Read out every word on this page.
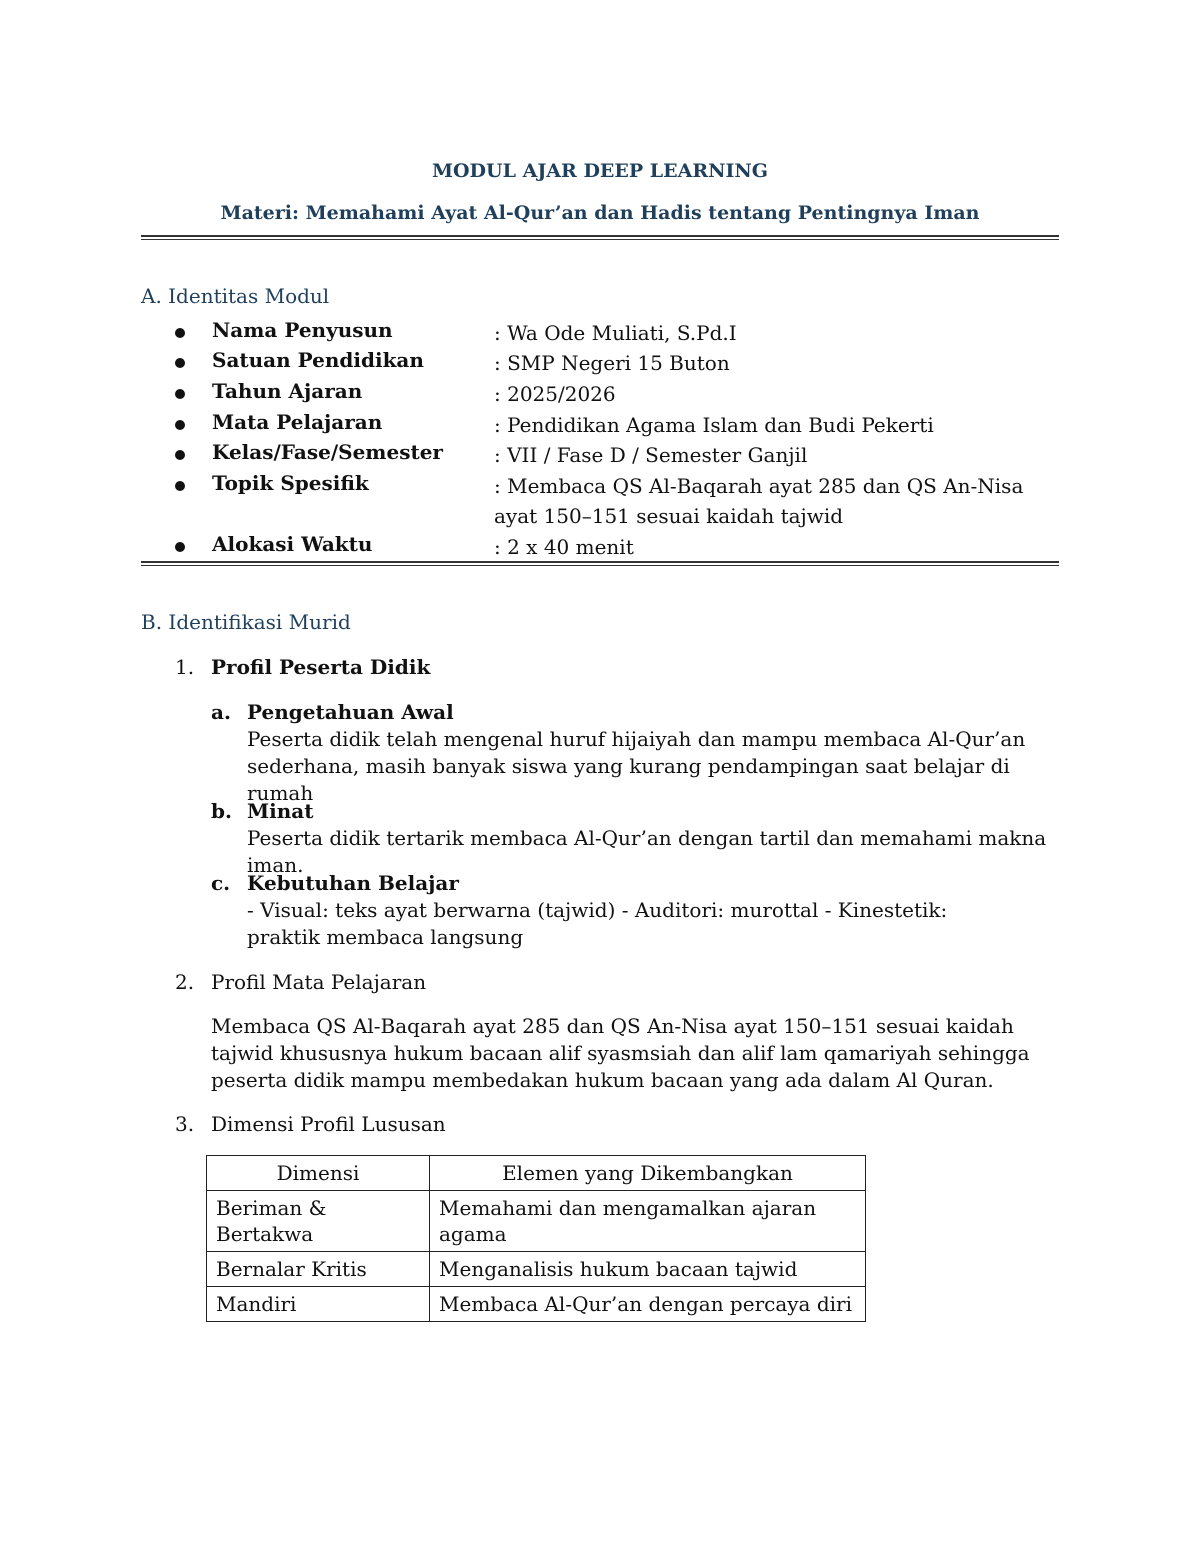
MODUL AJAR DEEP LEARNING
Materi: Memahami Ayat Al-Qur’an dan Hadis tentang Pentingnya Iman
A. Identitas Modul
Nama Penyusun	: Wa Ode Muliati, S.Pd.I
Satuan Pendidikan	: SMP Negeri 15 Buton
Tahun Ajaran	: 2025/2026
Mata Pelajaran	: Pendidikan Agama Islam dan Budi Pekerti
Kelas/Fase/Semester	: VII / Fase D / Semester Ganjil
Topik Spesifik	: Membaca QS Al-Baqarah ayat 285 dan QS An-Nisa ayat 150–151 sesuai kaidah tajwid
Alokasi Waktu	: 2 x 40 menit
B. Identifikasi Murid
1. Profil Peserta Didik
a. Pengetahuan Awal
Peserta didik telah mengenal huruf hijaiyah dan mampu membaca Al-Qur’an sederhana, masih banyak siswa yang kurang pendampingan saat belajar di rumah
b. Minat
Peserta didik tertarik membaca Al-Qur’an dengan tartil dan memahami makna iman.
c. Kebutuhan Belajar
- Visual: teks ayat berwarna (tajwid) - Auditori: murottal - Kinestetik: praktik membaca langsung
2. Profil Mata Pelajaran
Membaca QS Al-Baqarah ayat 285 dan QS An-Nisa ayat 150–151 sesuai kaidah tajwid khususnya hukum bacaan alif syasmsiah dan alif lam qamariyah sehingga peserta didik mampu membedakan hukum bacaan yang ada dalam Al Quran.
3. Dimensi Profil Lususan
Dimensi	Elemen yang Dikembangkan
Beriman & Bertakwa	Memahami dan mengamalkan ajaran agama
Bernalar Kritis	Menganalisis hukum bacaan tajwid
Mandiri	Membaca Al-Qur’an dengan percaya diri
